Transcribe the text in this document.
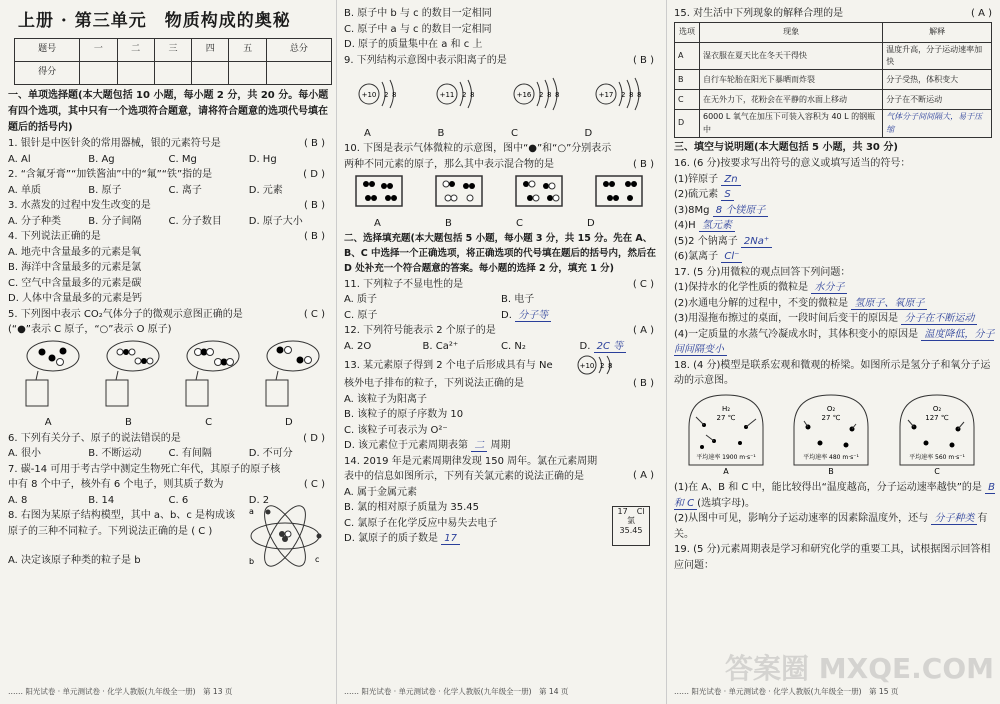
上册 · 第三单元　物质构成的奥秘
题号	一	二	三	四	五	总分
得分						
一、单项选择题(本大题包括 10 小题，每小题 2 分，共 20 分。每小题有四个选项，其中只有一个选项符合题意，请将符合题意的选项代号填在题后的括号内)
1. 银针是中医针灸的常用器械，银的元素符号是	( B )
A. Al	B. Ag	C. Mg	D. Hg
2. “含氟牙膏”“加铁酱油”中的“氟”“铁”指的是	( D )
A. 单质	B. 原子	C. 离子	D. 元素
3. 水蒸发的过程中发生改变的是	( B )
A. 分子种类	B. 分子间隔	C. 分子数目	D. 原子大小
4. 下列说法正确的是	( B )
A. 地壳中含量最多的元素是氧
B. 海洋中含量最多的元素是氯
C. 空气中含量最多的元素是碳
D. 人体中含量最多的元素是钙
5. 下列图中表示 CO₂气体分子的微观示意图正确的是	( C )
(“●”表示 C 原子，“○”表示 O 原子)
A	B	C	D
6. 下列有关分子、原子的说法错误的是	( D )
A. 很小	B. 不断运动	C. 有间隔	D. 不可分
7. 碳-14 可用于考古学中测定生物死亡年代，其原子的原子核中有 8 个中子，核外有 6 个电子，则其质子数为	( C )
A. 8	B. 14	C. 6	D. 2
8. 右图为某原子结构模型，其中 a、b、c 是构成该原子的三种不同粒子。下列说法正确的是 ( C )
a
b	c
A. 决定该原子种类的粒子是 b
…… 阳光试卷 · 单元测试卷 · 化学人教版(九年级全一册)　第 13 页
B. 原子中 b 与 c 的数目一定相同
C. 原子中 a 与 c 的数目一定相同
D. 原子的质量集中在 a 和 c 上
9. 下列结构示意图中表示阳离子的是	( B )
+10 2 8	+11 2 8	+16 2 8 8	+17 2 8 8
A	B	C	D
10. 下图是表示气体微粒的示意图，图中“●”和“○”分别表示两种不同元素的原子，那么其中表示混合物的是	( B )
A	B	C	D
二、选择填充题(本大题包括 5 小题，每小题 3 分，共 15 分。先在 A、B、C 中选择一个正确选项，将正确选项的代号填在题后的括号内，然后在 D 处补充一个符合题意的答案。每小题的选择 2 分，填充 1 分)
11. 下列粒子不显电性的是	( C )
A. 质子	B. 电子
C. 原子	D. 分子等
12. 下列符号能表示 2 个原子的是	( A )
A. 2O	B. Ca²⁺	C. N₂	D. 2C 等
13. 某元素原子得到 2 个电子后形成具有与 Ne	+10 2 8
核外电子排布的粒子，下列说法正确的是	( B )
A. 该粒子为阳离子
B. 该粒子的原子序数为 10
C. 该粒子可表示为 O²⁻
D. 该元素位于元素周期表第 二 周期
14. 2019 年是元素周期律发现 150 周年。氯在元素周期表中的信息如图所示，下列有关氯元素的说法正确的是	( A )
A. 属于金属元素
B. 氯的相对原子质量为 35.45
C. 氯原子在化学反应中易失去电子
D. 氯原子的质子数是 17
17 Cl
氯
35.45
…… 阳光试卷 · 单元测试卷 · 化学人教版(九年级全一册)　第 14 页
15. 对生活中下列现象的解释合理的是	( A )
选项	现象	解释
A	湿衣服在夏天比在冬天干得快	温度升高，分子运动速率加快
B	自行车轮胎在阳光下暴晒而炸裂	分子受热，体积变大
C	在无外力下，花粉会在平静的水面上移动	分子在不断运动
D	6000 L 氧气在加压下可装入容积为 40 L 的钢瓶中	气体分子间间隔大，易于压缩
三、填空与说明题(本大题包括 5 小题，共 30 分)
16. (6 分)按要求写出符号的意义或填写适当的符号：
(1)锌原子 Zn
(2)硫元素 S
(3)8Mg 8 个镁原子
(4)H 氢元素
(5)2 个钠离子 2Na⁺
(6)氯离子 Cl⁻
17. (5 分)用微粒的观点回答下列问题：
(1)保持水的化学性质的微粒是 水分子
(2)水通电分解的过程中，不变的微粒是 氢原子、氧原子
(3)用湿拖布擦过的桌面，一段时间后变干的原因是 分子在不断运动
(4)一定质量的水蒸气冷凝成水时，其体积变小的原因是 温度降低，分子间间隔变小
18. (4 分)模型是联系宏观和微观的桥梁。如图所示是氢分子和氧分子运动的示意图。
H₂
27 ℃
平均速率 1900 m·s⁻¹
A
O₂
27 ℃
平均速率 480 m·s⁻¹
B
O₂
127 ℃
平均速率 560 m·s⁻¹
C
(1)在 A、B 和 C 中，能比较得出“温度越高，分子运动速率越快”的是 B 和 C (选填字母)。
(2)从图中可见，影响分子运动速率的因素除温度外，还与 分子种类 有关。
19. (5 分)元素周期表是学习和研究化学的重要工具，试根据图示回答相应问题：
答案圈 MXQE.COM
…… 阳光试卷 · 单元测试卷 · 化学人教版(九年级全一册)　第 15 页
